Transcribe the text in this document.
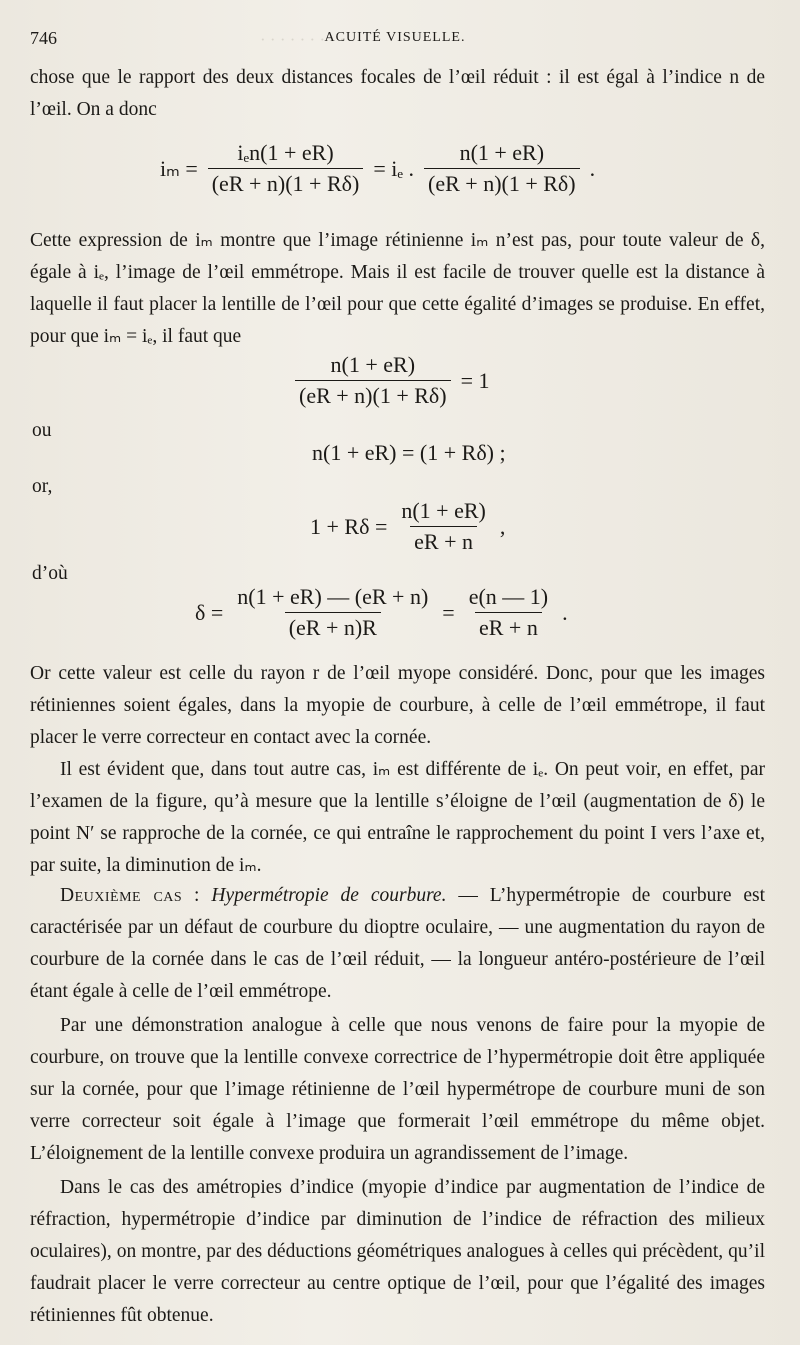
· · · · · · · · ·
746	ACUITÉ VISUELLE.
chose que le rapport des deux distances focales de l’œil réduit : il est égal à l’indice n de l’œil. On a donc
$i_m = \frac{\text{iₑn(1 + eR)}}{(eR + n)(1 + R\delta)} = i_e$ . $\frac{n(1 + eR)}{(eR + n)(1 + R\delta)}$ .
Cette expression de iₘ montre que l’image rétinienne iₘ n’est pas, pour toute valeur de δ, égale à iₑ, l’image de l’œil emmétrope. Mais il est facile de trouver quelle est la distance à laquelle il faut placer la lentille de l’œil pour que cette égalité d’images se produise. En effet, pour que iₘ = iₑ, il faut que
$\frac{n(1 + eR)}{(eR + n)(1 + R\delta)} = 1$
ou
n(1 + eR) = (1 + Rδ) ;
or,
$1 + R\delta = \frac{n(1 + eR)}{eR + n}$ ,
d’où
$\delta = \frac{n(1 + eR) — (eR + n)}{(eR + n)R} = \frac{e(n — 1)}{eR + n}$ .
Or cette valeur est celle du rayon r de l’œil myope considéré. Donc, pour que les images rétiniennes soient égales, dans la myopie de courbure, à celle de l’œil emmétrope, il faut placer le verre correcteur en contact avec la cornée.
Il est évident que, dans tout autre cas, iₘ est différente de iₑ. On peut voir, en effet, par l’examen de la figure, qu’à mesure que la lentille s’éloigne de l’œil (augmentation de δ) le point N′ se rapproche de la cornée, ce qui entraîne le rapprochement du point I vers l’axe et, par suite, la diminution de iₘ.
Deuxième cas : Hypermétropie de courbure. — L’hypermétropie de courbure est caractérisée par un défaut de courbure du dioptre oculaire, — une augmentation du rayon de courbure de la cornée dans le cas de l’œil réduit, — la longueur antéro-postérieure de l’œil étant égale à celle de l’œil emmétrope.
Par une démonstration analogue à celle que nous venons de faire pour la myopie de courbure, on trouve que la lentille convexe correctrice de l’hypermétropie doit être appliquée sur la cornée, pour que l’image rétinienne de l’œil hypermétrope de courbure muni de son verre correcteur soit égale à l’image que formerait l’œil emmétrope du même objet. L’éloignement de la lentille convexe produira un agrandissement de l’image.
Dans le cas des amétropies d’indice (myopie d’indice par augmentation de l’indice de réfraction, hypermétropie d’indice par diminution de l’indice de réfraction des milieux oculaires), on montre, par des déductions géométriques analogues à celles qui précèdent, qu’il faudrait placer le verre correcteur au centre optique de l’œil, pour que l’égalité des images rétiniennes fût obtenue.
